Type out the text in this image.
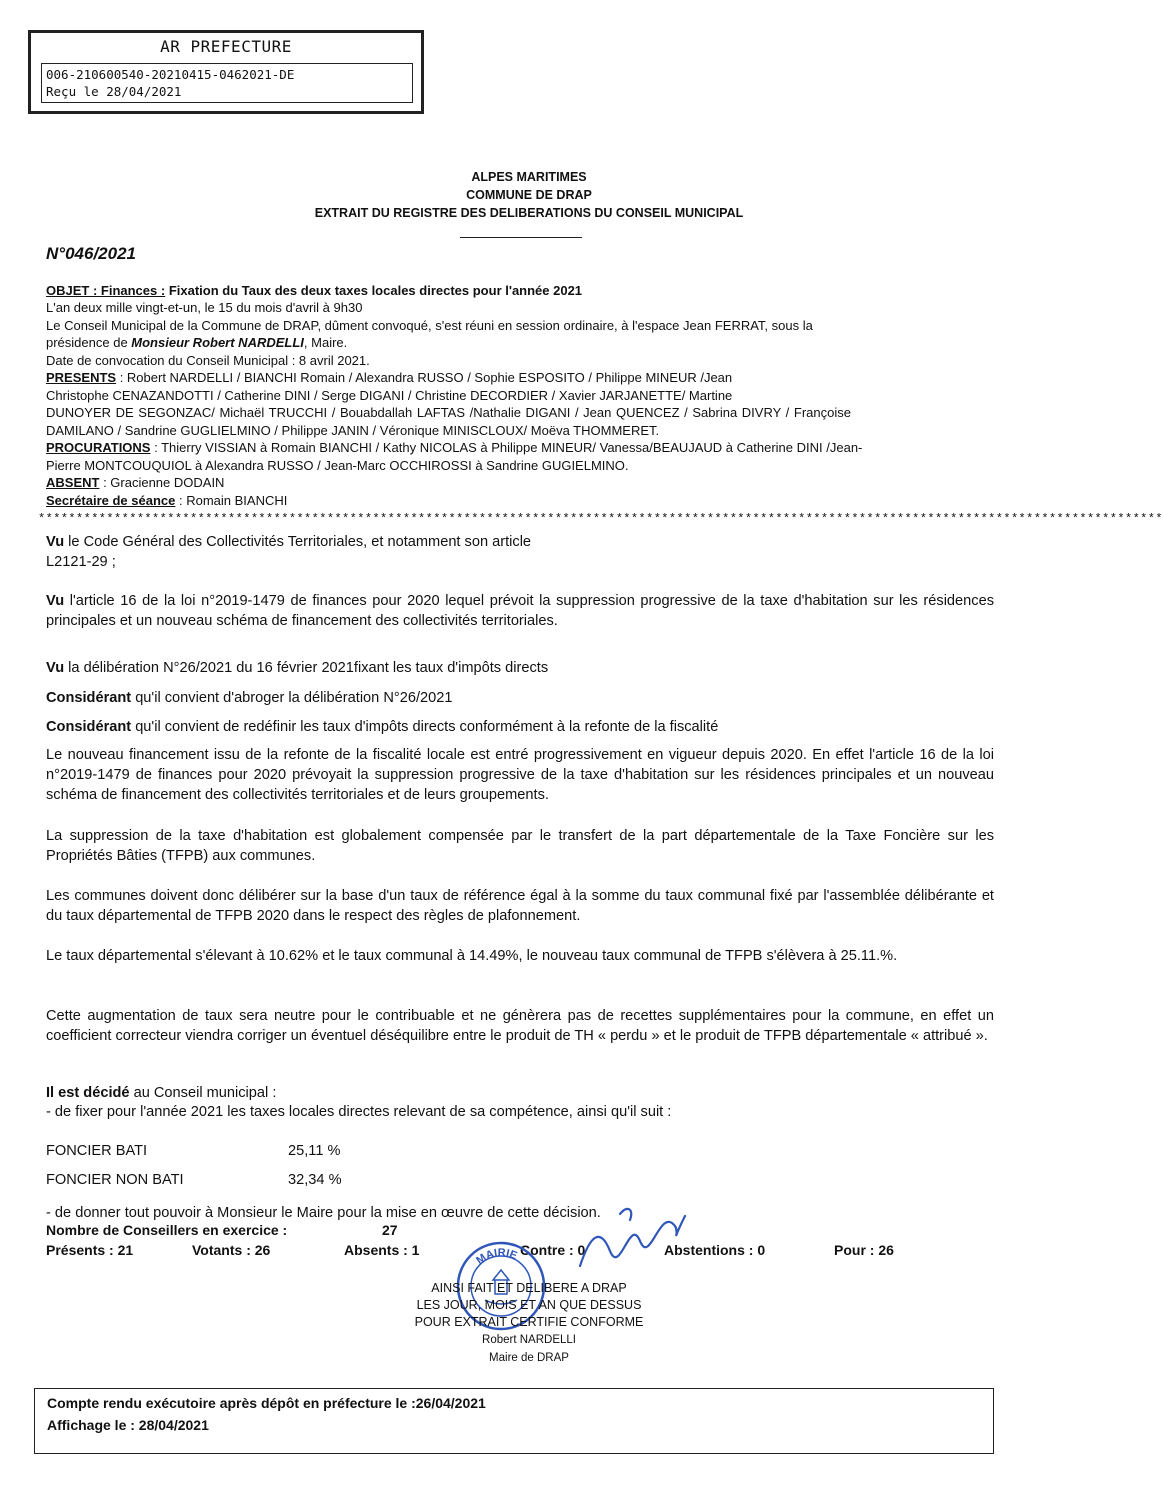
AR PREFECTURE
006-210600540-20210415-0462021-DE
Reçu le 28/04/2021
ALPES MARITIMES
COMMUNE DE DRAP
EXTRAIT DU REGISTRE DES DELIBERATIONS DU CONSEIL MUNICIPAL
N°046/2021
OBJET : Finances : Fixation du Taux des deux taxes locales directes pour l'année 2021
L'an deux mille vingt-et-un, le 15 du mois d'avril à 9h30
Le Conseil Municipal de la Commune de DRAP, dûment convoqué, s'est réuni en session ordinaire, à l'espace Jean FERRAT, sous la
présidence de Monsieur Robert NARDELLI, Maire.
Date de convocation du Conseil Municipal : 8 avril 2021.
PRESENTS : Robert NARDELLI / BIANCHI Romain / Alexandra RUSSO / Sophie ESPOSITO / Philippe MINEUR /Jean
Christophe CENAZANDOTTI / Catherine DINI / Serge DIGANI / Christine DECORDIER / Xavier JARJANETTE/ Martine
DUNOYER DE SEGONZAC/ Michaël TRUCCHI / Bouabdallah LAFTAS /Nathalie DIGANI / Jean QUENCEZ / Sabrina DIVRY / Françoise
DAMILANO / Sandrine GUGLIELMINO / Philippe JANIN / Véronique MINISCLOUX/ Moëva THOMMERET.
PROCURATIONS : Thierry VISSIAN à Romain BIANCHI / Kathy NICOLAS à Philippe MINEUR/ Vanessa/BEAUJAUD à Catherine DINI /Jean-
Pierre MONTCOUQUIOL à Alexandra RUSSO / Jean-Marc OCCHIROSSI à Sandrine GUGIELMINO.
ABSENT : Gracienne DODAIN
Secrétaire de séance : Romain BIANCHI
****************************************************************************************************************************************************
Vu le Code Général des Collectivités Territoriales, et notamment son article
L2121-29 ;
Vu l'article 16 de la loi n°2019-1479 de finances pour 2020 lequel prévoit la suppression progressive de la taxe d'habitation sur les résidences principales et un nouveau schéma de financement des collectivités territoriales.
Vu la délibération N°26/2021 du 16 février 2021fixant les taux d'impôts directs
Considérant qu'il convient d'abroger la délibération N°26/2021
Considérant qu'il convient de redéfinir les taux d'impôts directs conformément à la refonte de la fiscalité
Le nouveau financement issu de la refonte de la fiscalité locale est entré progressivement en vigueur depuis 2020. En effet l'article 16 de la loi n°2019-1479 de finances pour 2020 prévoyait la suppression progressive de la taxe d'habitation sur les résidences principales et un nouveau schéma de financement des collectivités territoriales et de leurs groupements.
La suppression de la taxe d'habitation est globalement compensée par le transfert de la part départementale de la Taxe Foncière sur les Propriétés Bâties (TFPB) aux communes.
Les communes doivent donc délibérer sur la base d'un taux de référence égal à la somme du taux communal fixé par l'assemblée délibérante et du taux départemental de TFPB 2020 dans le respect des règles de plafonnement.
Le taux départemental s'élevant à 10.62% et le taux communal à 14.49%, le nouveau taux communal de TFPB s'élèvera à 25.11.%.
Cette augmentation de taux sera neutre pour le contribuable et ne génèrera pas de recettes supplémentaires pour la commune, en effet un coefficient correcteur viendra corriger un éventuel déséquilibre entre le produit de TH « perdu » et le produit de TFPB départementale « attribué ».
Il est décidé au Conseil municipal :
- de fixer pour l'année 2021 les taxes locales directes relevant de sa compétence, ainsi qu'il suit :
FONCIER BATI	25,11 %
FONCIER NON BATI	32,34 %
- de donner tout pouvoir à Monsieur le Maire pour la mise en œuvre de cette décision.
Nombre de Conseillers en exercice :	27
Présents : 21	Votants : 26	Absents : 1	Contre : 0	Abstentions : 0	Pour : 26
MAIRIE
AINSI FAIT ET DELIBERE A DRAP
LES JOUR, MOIS ET AN QUE DESSUS
POUR EXTRAIT CERTIFIE CONFORME
Robert NARDELLI
Maire de DRAP
Compte rendu exécutoire après dépôt en préfecture le :26/04/2021
Affichage le : 28/04/2021
